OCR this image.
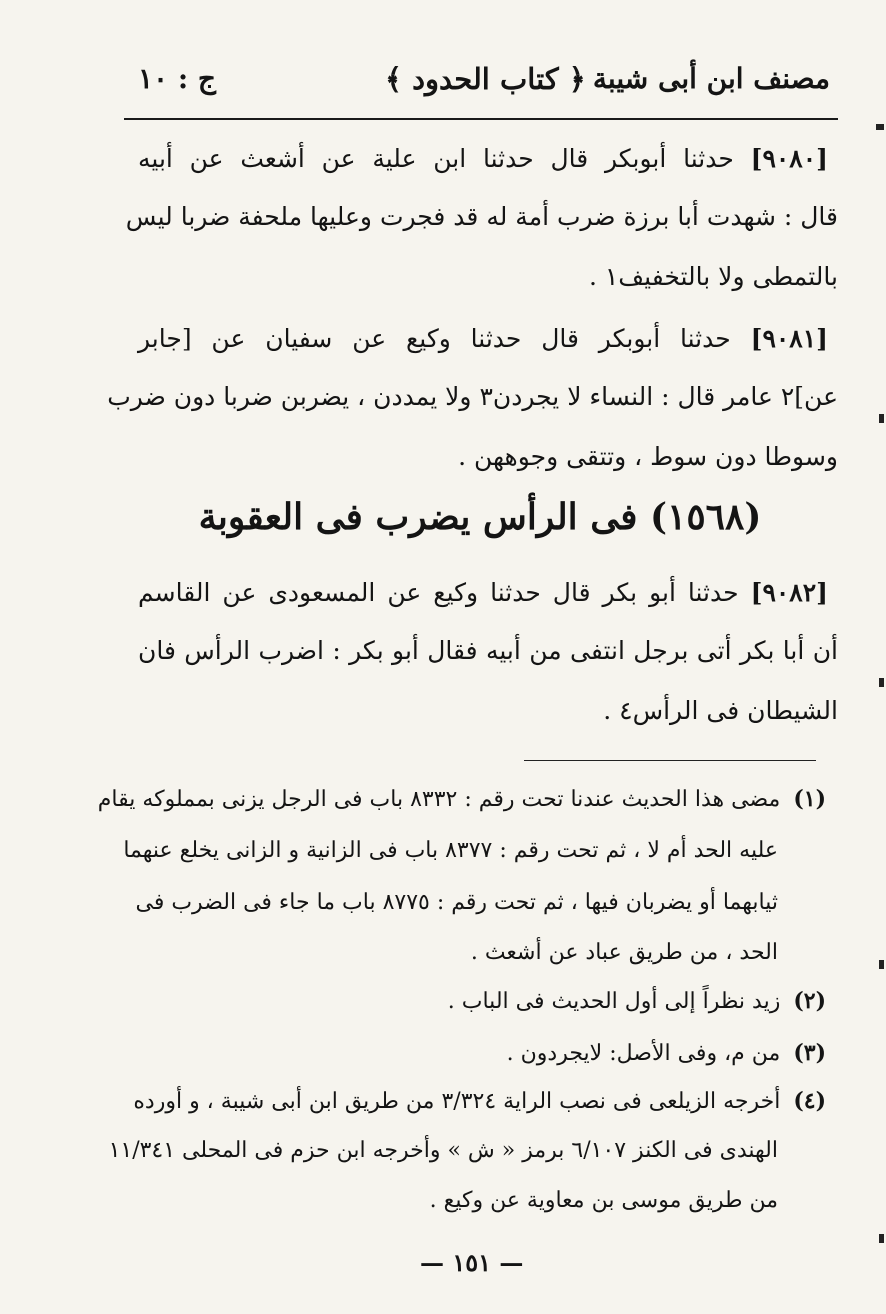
مصنف ابن أبى شيبة
﴿ كتاب الحدود ﴾
ج : ١٠
[٩٠٨٠] حدثنا أبوبكر قال حدثنا ابن علية عن أشعث عن أبيه
قال : شهدت أبا برزة ضرب أمة له قد فجرت وعليها ملحفة ضربا ليس
بالتمطى ولا بالتخفيف١ .
[٩٠٨١] حدثنا أبوبكر قال حدثنا وكيع عن سفيان عن [جابر
عن]٢ عامر قال : النساء لا يجردن٣ ولا يمددن ، يضربن ضربا دون ضرب
وسوطا دون سوط ، وتتقى وجوههن .
(١٥٦٨) فى الرأس يضرب فى العقوبة
[٩٠٨٢] حدثنا أبو بكر قال حدثنا وكيع عن المسعودى عن القاسم
أن أبا بكر أتى برجل انتفى من أبيه فقال أبو بكر : اضرب الرأس فان
الشيطان فى الرأس٤ .
(١) مضى هذا الحديث عندنا تحت رقم : ٨٣٣٢ باب فى الرجل يزنى بمملوكه يقام
عليه الحد أم لا ، ثم تحت رقم : ٨٣٧٧ باب فى الزانية و الزانى يخلع عنهما
ثيابهما أو يضربان فيها ، ثم تحت رقم : ٨٧٧٥ باب ما جاء فى الضرب فى
الحد ، من طريق عباد عن أشعث .
(٢) زيد نظراً إلى أول الحديث فى الباب .
(٣) من م، وفى الأصل: لايجردون .
(٤) أخرجه الزيلعى فى نصب الراية ٣/٣٢٤ من طريق ابن أبى شيبة ، و أورده
الهندى فى الكنز ٦/١٠٧ برمز « ش » وأخرجه ابن حزم فى المحلى ١١/٣٤١
من طريق موسى بن معاوية عن وكيع .
— ١٥١ —
